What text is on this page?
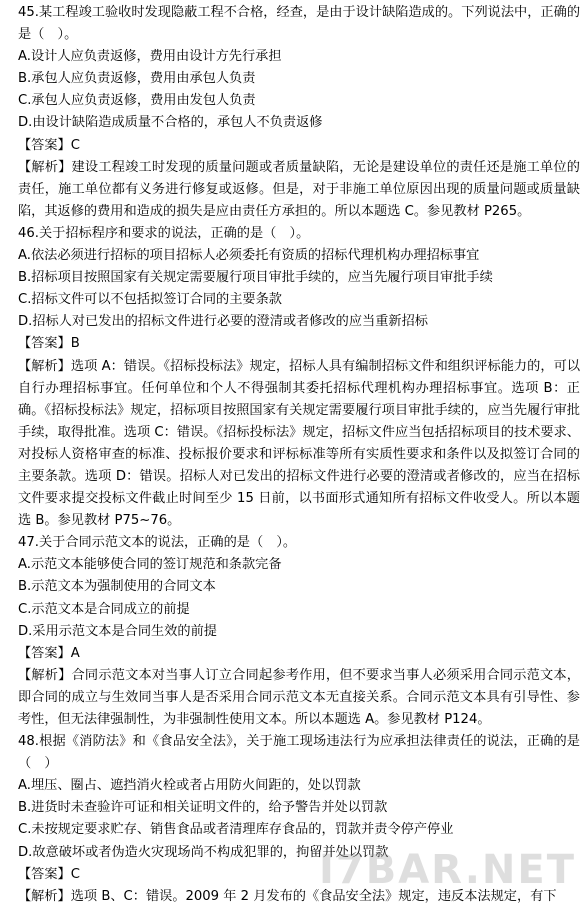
45.某工程竣工验收时发现隐蔽工程不合格，经查，是由于设计缺陷造成的。下列说法中，正确的是（　）。
A.设计人应负责返修，费用由设计方先行承担
B.承包人应负责返修，费用由承包人负责
C.承包人应负责返修，费用由发包人负责
D.由设计缺陷造成质量不合格的，承包人不负责返修
【答案】C
【解析】建设工程竣工时发现的质量问题或者质量缺陷，无论是建设单位的责任还是施工单位的责任，施工单位都有义务进行修复或返修。但是，对于非施工单位原因出现的质量问题或质量缺陷，其返修的费用和造成的损失是应由责任方承担的。所以本题选 C。参见教材 P265。
46.关于招标程序和要求的说法，正确的是（　）。
A.依法必须进行招标的项目招标人必须委托有资质的招标代理机构办理招标事宜
B.招标项目按照国家有关规定需要履行项目审批手续的，应当先履行项目审批手续
C.招标文件可以不包括拟签订合同的主要条款
D.招标人对已发出的招标文件进行必要的澄清或者修改的应当重新招标
【答案】B
【解析】选项 A：错误。《招标投标法》规定，招标人具有编制招标文件和组织评标能力的，可以自行办理招标事宜。任何单位和个人不得强制其委托招标代理机构办理招标事宜。选项 B：正确。《招标投标法》规定，招标项目按照国家有关规定需要履行项目审批手续的，应当先履行审批手续，取得批准。选项 C：错误。《招标投标法》规定，招标文件应当包括招标项目的技术要求、对投标人资格审查的标准、投标报价要求和评标标准等所有实质性要求和条件以及拟签订合同的主要条款。选项 D：错误。招标人对已发出的招标文件进行必要的澄清或者修改的，应当在招标文件要求提交投标文件截止时间至少 15 日前，以书面形式通知所有招标文件收受人。所以本题选 B。参见教材 P75~76。
47.关于合同示范文本的说法，正确的是（　）。
A.示范文本能够使合同的签订规范和条款完备
B.示范文本为强制使用的合同文本
C.示范文本是合同成立的前提
D.采用示范文本是合同生效的前提
【答案】A
【解析】合同示范文本对当事人订立合同起参考作用，但不要求当事人必须采用合同示范文本，即合同的成立与生效同当事人是否采用合同示范文本无直接关系。合同示范文本具有引导性、参考性，但无法律强制性，为非强制性使用文本。所以本题选 A。参见教材 P124。
48.根据《消防法》和《食品安全法》，关于施工现场违法行为应承担法律责任的说法，正确的是（　）
A.埋压、圈占、遮挡消火栓或者占用防火间距的，处以罚款
B.进货时未查验许可证和相关证明文件的，给予警告并处以罚款
C.未按规定要求贮存、销售食品或者清理库存食品的，罚款并责令停产停业
D.故意破坏或者伪造火灾现场尚不构成犯罪的，拘留并处以罚款
【答案】C
【解析】选项 B、C：错误。2009 年 2 月发布的《食品安全法》规定，违反本法规定，有下
I7BAR.NET
